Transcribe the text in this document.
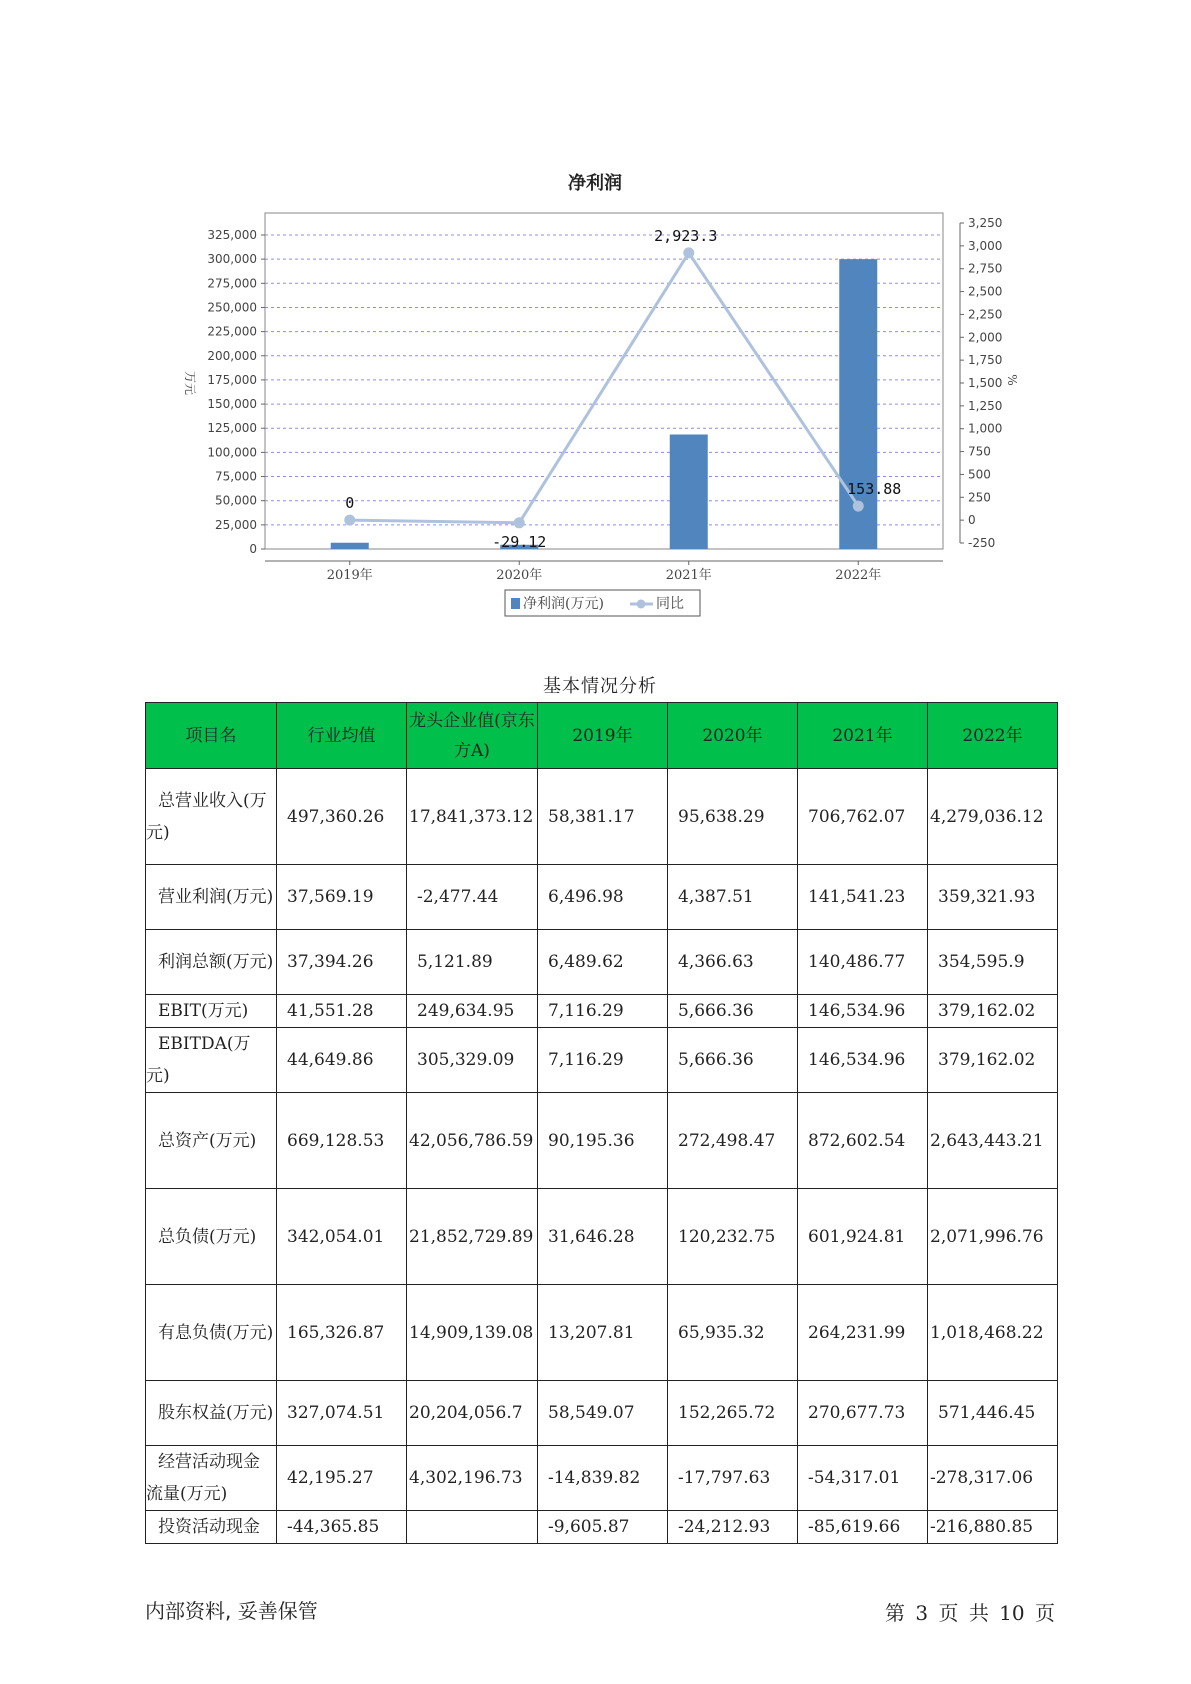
净利润
0
-29.12
2,923.3
153.88
0
25,000
50,000
75,000
100,000
125,000
150,000
175,000
200,000
225,000
250,000
275,000
300,000
325,000
-250
0
250
500
750
1,000
1,250
1,500
1,750
2,000
2,250
2,500
2,750
3,000
3,250
2019年	2020年	2021年	2022年
万元	%
净利润(万元)	同比
基本情况分析
项目名	行业均值	龙头企业值(京东方A)	2019年	2020年	2021年	2022年
总营业收入(万元)	497,360.26	17,841,373.12	58,381.17	95,638.29	706,762.07	4,279,036.12
营业利润(万元)	37,569.19	-2,477.44	6,496.98	4,387.51	141,541.23	359,321.93
利润总额(万元)	37,394.26	5,121.89	6,489.62	4,366.63	140,486.77	354,595.9
EBIT(万元)	41,551.28	249,634.95	7,116.29	5,666.36	146,534.96	379,162.02
EBITDA(万元)	44,649.86	305,329.09	7,116.29	5,666.36	146,534.96	379,162.02
总资产(万元)	669,128.53	42,056,786.59	90,195.36	272,498.47	872,602.54	2,643,443.21
总负债(万元)	342,054.01	21,852,729.89	31,646.28	120,232.75	601,924.81	2,071,996.76
有息负债(万元)	165,326.87	14,909,139.08	13,207.81	65,935.32	264,231.99	1,018,468.22
股东权益(万元)	327,074.51	20,204,056.7	58,549.07	152,265.72	270,677.73	571,446.45
经营活动现金流量(万元)	42,195.27	4,302,196.73	-14,839.82	-17,797.63	-54,317.01	-278,317.06
投资活动现金	-44,365.85		-9,605.87	-24,212.93	-85,619.66	-216,880.85
内部资料, 妥善保管	第 3 页 共 10 页
